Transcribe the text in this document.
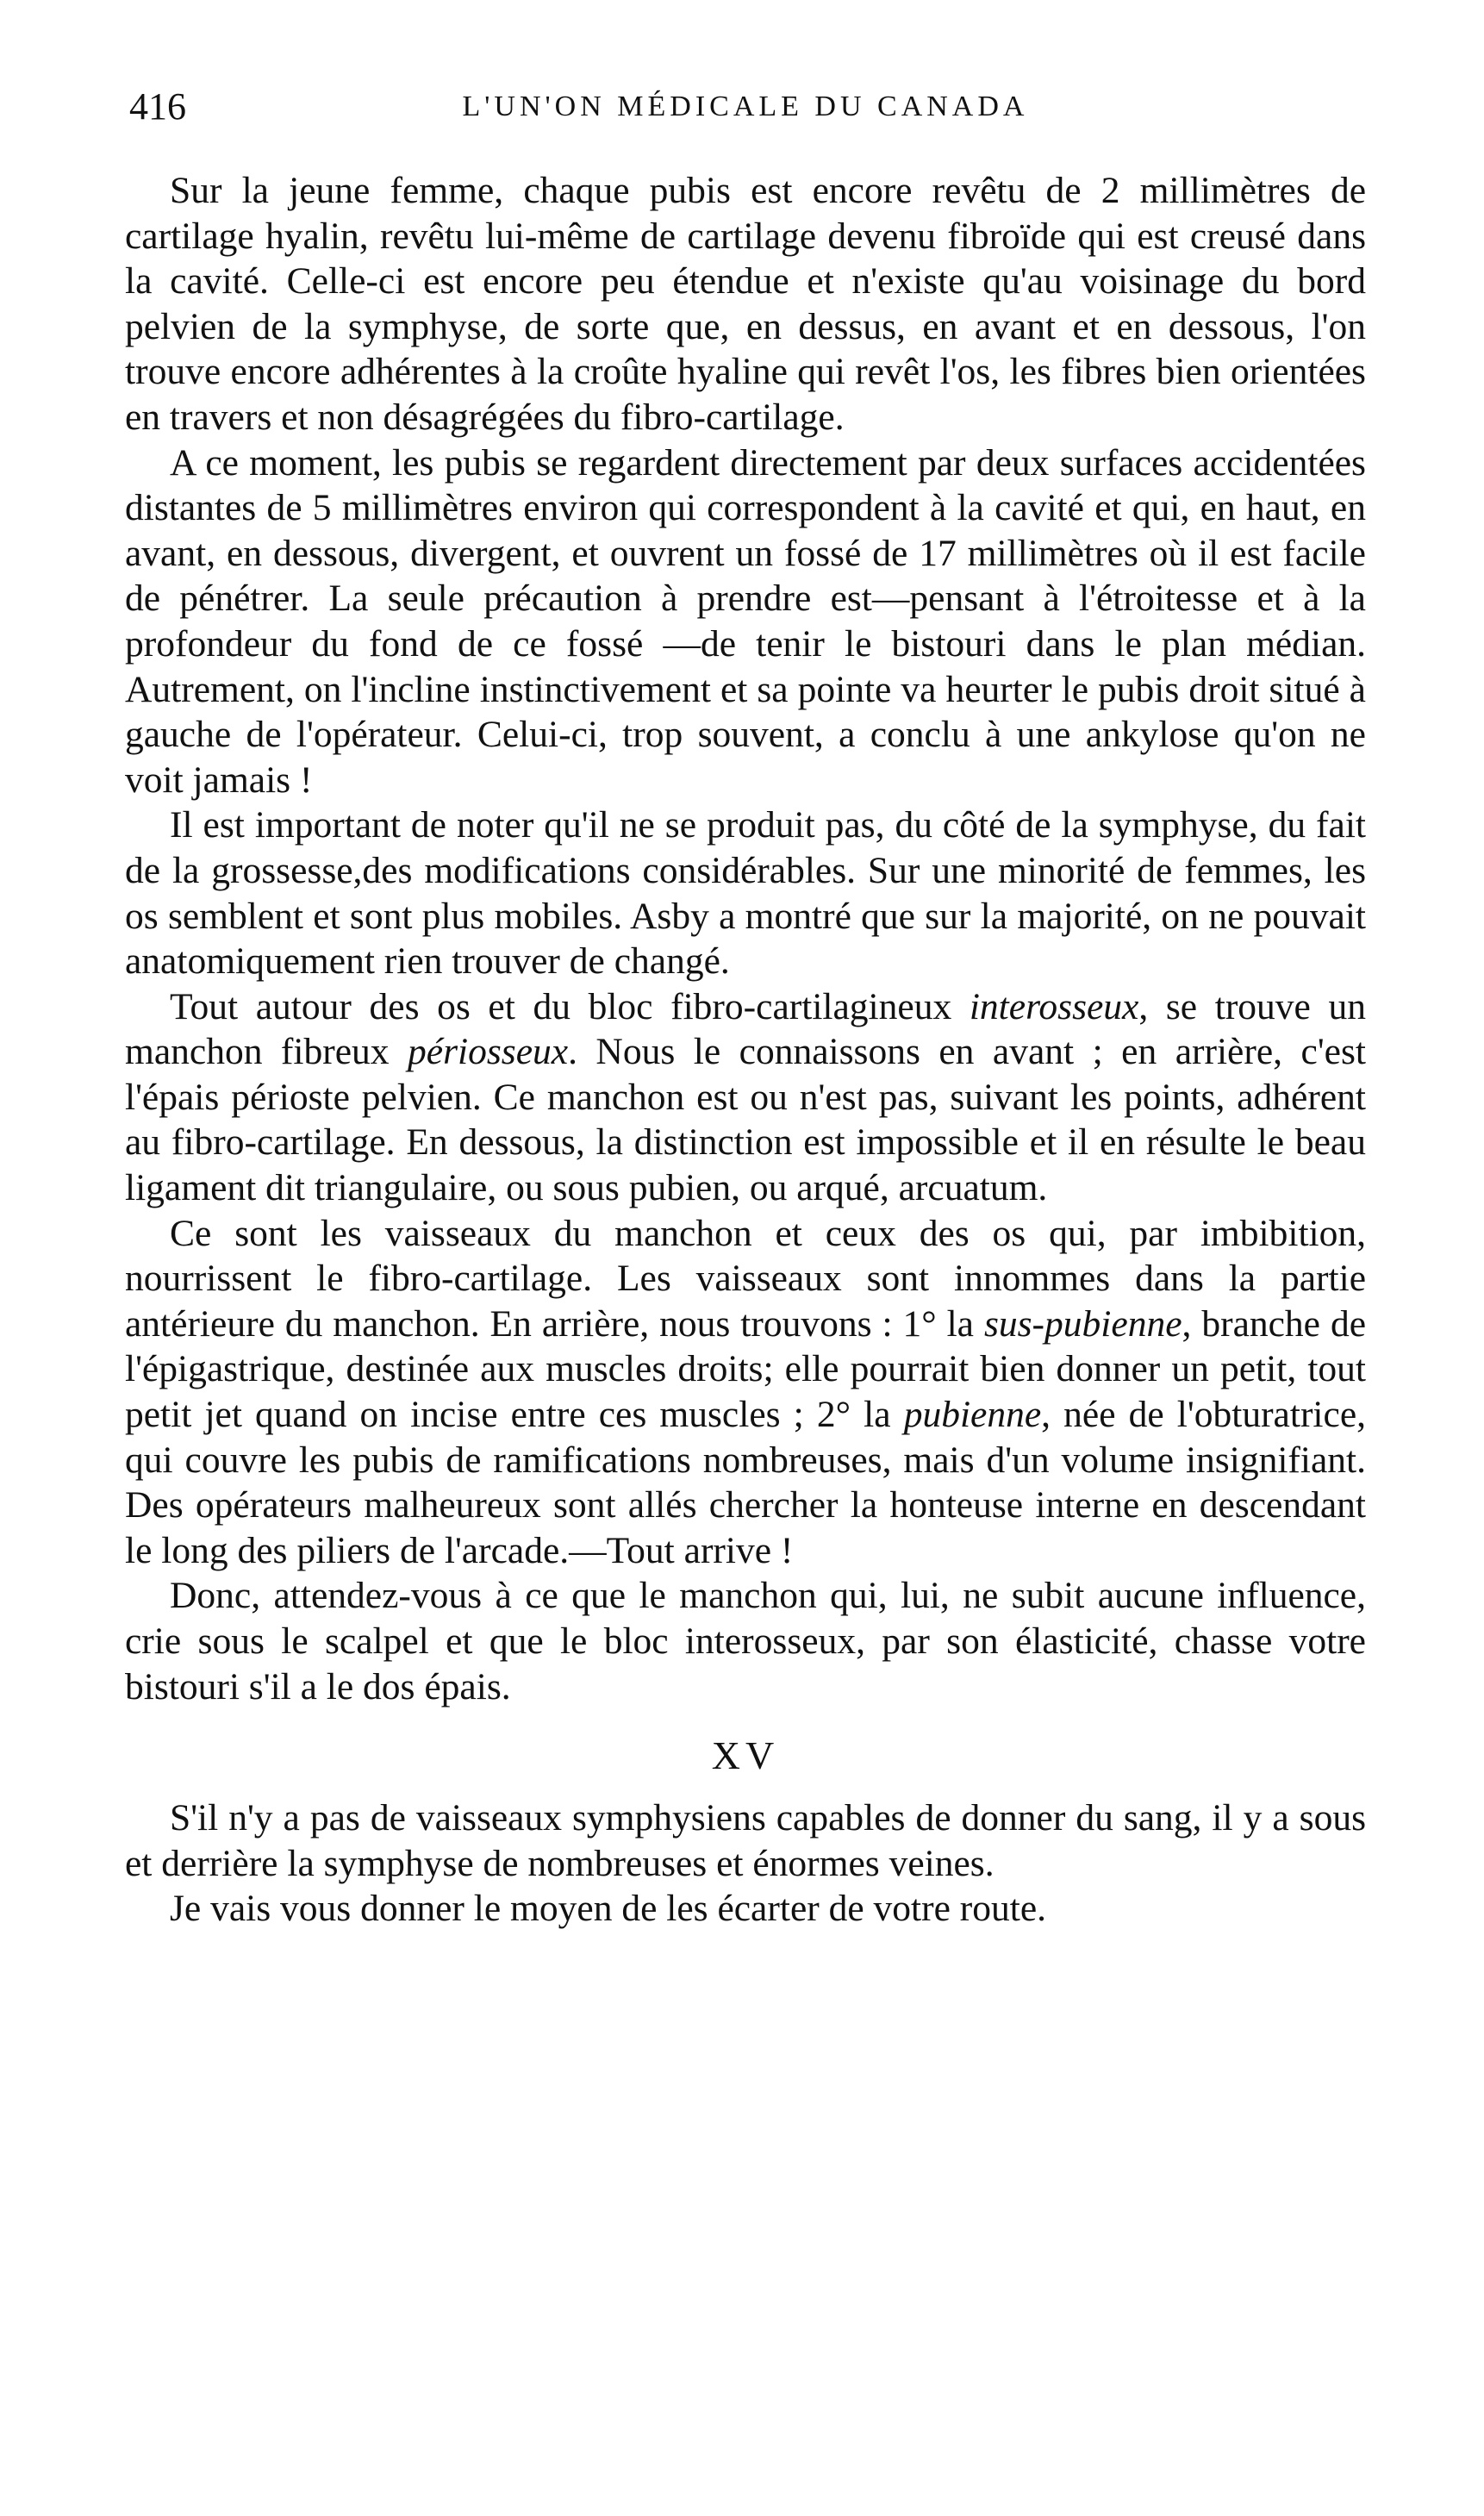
416	L'UN'ON MÉDICALE DU CANADA

Sur la jeune femme, chaque pubis est encore revêtu de 2 millimètres de cartilage hyalin, revêtu lui-même de cartilage devenu fibroïde qui est creusé dans la cavité. Celle-ci est encore peu étendue et n'existe qu'au voisinage du bord pelvien de la symphyse, de sorte que, en dessus, en avant et en dessous, l'on trouve encore adhérentes à la croûte hyaline qui revêt l'os, les fibres bien orientées en travers et non désagrégées du fibro-cartilage.

A ce moment, les pubis se regardent directement par deux surfaces accidentées distantes de 5 millimètres environ qui correspondent à la cavité et qui, en haut, en avant, en dessous, divergent, et ouvrent un fossé de 17 millimètres où il est facile de pénétrer. La seule précaution à prendre est—pensant à l'étroitesse et à la profondeur du fond de ce fossé —de tenir le bistouri dans le plan médian. Autrement, on l'incline instinctivement et sa pointe va heurter le pubis droit situé à gauche de l'opérateur. Celui-ci, trop souvent, a conclu à une ankylose qu'on ne voit jamais !

Il est important de noter qu'il ne se produit pas, du côté de la symphyse, du fait de la grossesse,des modifications considérables. Sur une minorité de femmes, les os semblent et sont plus mobiles. Asby a montré que sur la majorité, on ne pouvait anatomiquement rien trouver de changé.

Tout autour des os et du bloc fibro-cartilagineux interosseux, se trouve un manchon fibreux périosseux. Nous le connaissons en avant ; en arrière, c'est l'épais périoste pelvien. Ce manchon est ou n'est pas, suivant les points, adhérent au fibro-cartilage. En dessous, la distinction est impossible et il en résulte le beau ligament dit triangulaire, ou sous pubien, ou arqué, arcuatum.

Ce sont les vaisseaux du manchon et ceux des os qui, par imbibition, nourrissent le fibro-cartilage. Les vaisseaux sont innommes dans la partie antérieure du manchon. En arrière, nous trouvons : 1° la sus-pubienne, branche de l'épigastrique, destinée aux muscles droits; elle pourrait bien donner un petit, tout petit jet quand on incise entre ces muscles ; 2° la pubienne, née de l'obturatrice, qui couvre les pubis de ramifications nombreuses, mais d'un volume insignifiant. Des opérateurs malheureux sont allés chercher la honteuse interne en descendant le long des piliers de l'arcade.—Tout arrive !

Donc, attendez-vous à ce que le manchon qui, lui, ne subit aucune influence, crie sous le scalpel et que le bloc interosseux, par son élasticité, chasse votre bistouri s'il a le dos épais.

XV

S'il n'y a pas de vaisseaux symphysiens capables de donner du sang, il y a sous et derrière la symphyse de nombreuses et énormes veines.

Je vais vous donner le moyen de les écarter de votre route.
